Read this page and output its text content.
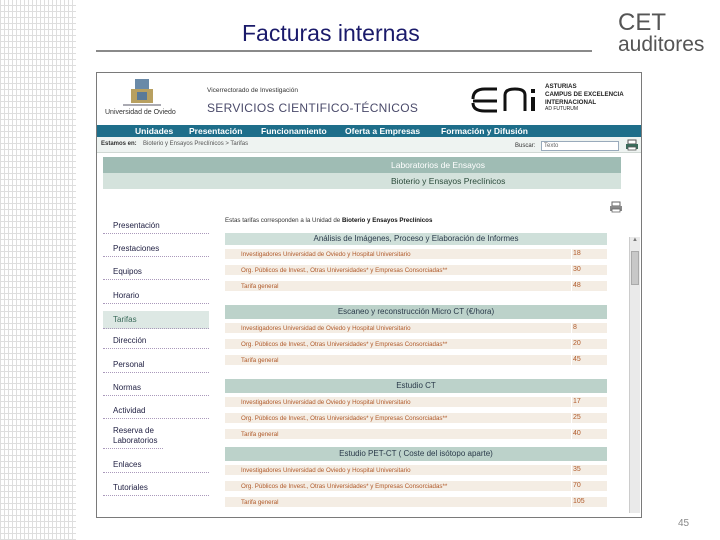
Facturas internas	CET
auditores
Universidad de Oviedo
Vicerrectorado de Investigación
SERVICIOS CIENTIFICO-TÉCNICOS
ASTURIAS
CAMPUS DE EXCELENCIA
INTERNACIONAL
AD FUTURUM
Unidades Presentación Funcionamiento Oferta a Empresas Formación y Difusión
Estamos en: Bioterio y Ensayos Preclínicos > Tarifas	Buscar:	Texto
Laboratorios de Ensayos
Bioterio y Ensayos Preclínicos
Presentación
Prestaciones
Equipos
Horario
Tarifas
Dirección
Personal
Normas
Actividad
Reserva de Laboratorios
Enlaces
Tutoriales
Estas tarifas corresponden a la Unidad de Bioterio y Ensayos Preclínicos
Análisis de Imágenes, Proceso y Elaboración de Informes
Investigadores Universidad de Oviedo y Hospital Universitario	18
Org. Públicos de Invest., Otras Universidades* y Empresas Consorciadas**	30
Tarifa general	48
Escaneo y reconstrucción Micro CT (€/hora)
Investigadores Universidad de Oviedo y Hospital Universitario	8
Org. Públicos de Invest., Otras Universidades* y Empresas Consorciadas**	20
Tarifa general	45
Estudio CT
Investigadores Universidad de Oviedo y Hospital Universitario	17
Org. Públicos de Invest., Otras Universidades* y Empresas Consorciadas**	25
Tarifa general	40
Estudio PET-CT ( Coste del isótopo aparte)
Investigadores Universidad de Oviedo y Hospital Universitario	35
Org. Públicos de Invest., Otras Universidades* y Empresas Consorciadas**	70
Tarifa general	105
▲
45
